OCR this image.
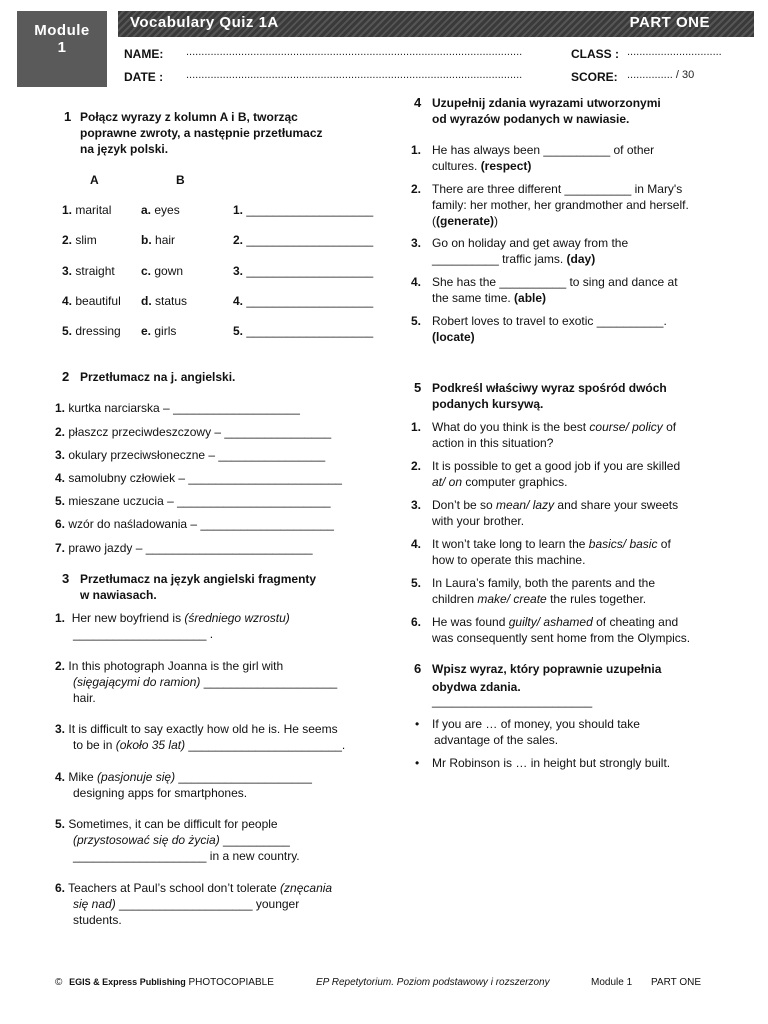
Module
1
Vocabulary Quiz 1A	PART ONE
NAME: ..............................................................................................................	CLASS : ...............................
DATE : ..............................................................................................................	SCORE: ............... / 30
1 Połącz wyrazy z kolumn A i B, tworząc
poprawne zwroty, a następnie przetłumacz
na język polski.
A	B
1. marital a. eyes	1. ___________________
2. slim	b. hair	2. ___________________
3. straight c. gown	3. ___________________
4. beautiful d. status	4. ___________________
5. dressing e. girls	5. ___________________
2 Przetłumacz na j. angielski.
1. kurtka narciarska – ___________________
2. płaszcz przeciwdeszczowy – ________________
3. okulary przeciwsłoneczne – ________________
4. samolubny człowiek – _______________________
5. mieszane uczucia – _______________________
6. wzór do naśladowania – ____________________
7. prawo jazdy – _________________________
3 Przetłumacz na język angielski fragmenty
w nawiasach.
1. Her new boyfriend is (średniego wzrostu)
____________________ .
2. In this photograph Joanna is the girl with
(sięgającymi do ramion) ____________________
hair.
3. It is difficult to say exactly how old he is. He seems
to be in (około 35 lat) _______________________.
4. Mike (pasjonuje się) ____________________
designing apps for smartphones.
5. Sometimes, it can be difficult for people
(przystosować się do życia) __________
____________________ in a new country.
6. Teachers at Paul’s school don’t tolerate (znęcania
się nad) ____________________ younger
students.
4 Uzupełnij zdania wyrazami utworzonymi
od wyrazów podanych w nawiasie.
1. He has always been __________ of other
cultures. (respect)
2. There are three different __________ in Mary's
family: her mother, her grandmother and herself.
((generate))
3. Go on holiday and get away from the
__________ traffic jams. (day)
4. She has the __________ to sing and dance at
the same time. (able)
5. Robert loves to travel to exotic __________.
(locate)
5 Podkreśl właściwy wyraz spośród dwóch
podanych kursywą.
1. What do you think is the best course/ policy of
action in this situation?
2. It is possible to get a good job if you are skilled
at/ on computer graphics.
3. Don’t be so mean/ lazy and share your sweets
with your brother.
4. It won’t take long to learn the basics/ basic of
how to operate this machine.
5. In Laura’s family, both the parents and the
children make/ create the rules together.
6. He was found guilty/ ashamed of cheating and
was consequently sent home from the Olympics.
6 Wpisz wyraz, który poprawnie uzupełnia
obydwa zdania.
________________________
• If you are … of money, you should take
advantage of the sales.
• Mr Robinson is … in height but strongly built.
© EGIS & Express Publishing PHOTOCOPIABLE	EP Repetytorium. Poziom podstawowy i rozszerzony	Module 1 PART ONE
